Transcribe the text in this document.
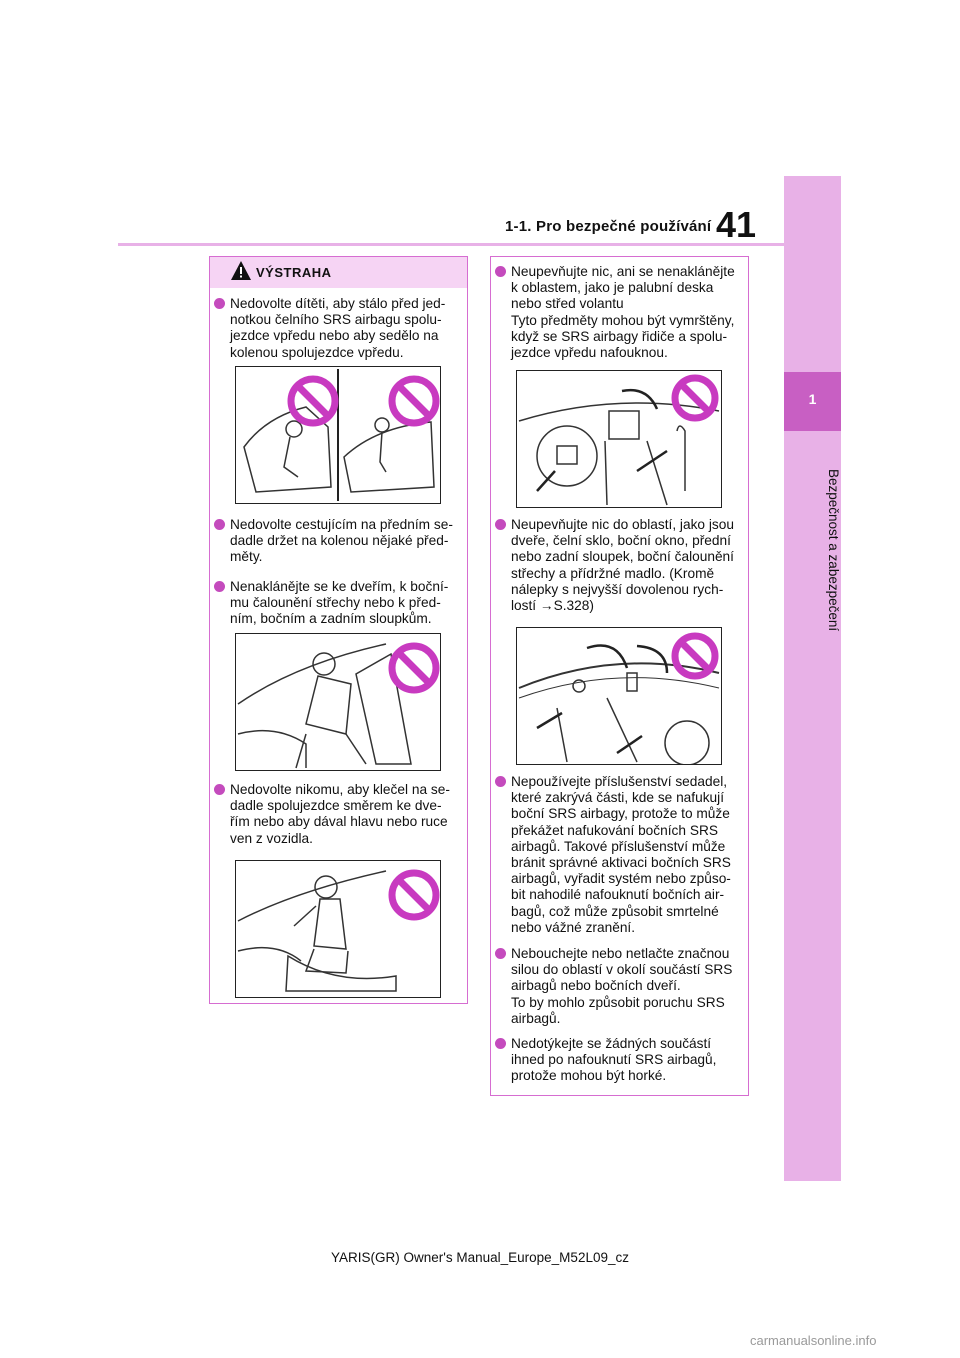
1-1. Pro bezpečné používání 41
1
Bezpečnost a zabezpečení
VÝSTRAHA
Nedovolte dítěti, aby stálo před jed-
notkou čelního SRS airbagu spolu-
jezdce vpředu nebo aby sedělo na
kolenou spolujezdce vpředu.
Nedovolte cestujícím na předním se-
dadle držet na kolenou nějaké před-
měty.
Nenaklánějte se ke dveřím, k boční-
mu čalounění střechy nebo k před-
ním, bočním a zadním sloupkům.
Nedovolte nikomu, aby klečel na se-
dadle spolujezdce směrem ke dve-
řím nebo aby dával hlavu nebo ruce
ven z vozidla.
Neupevňujte nic, ani se nenaklánějte
k oblastem, jako je palubní deska
nebo střed volantu
Tyto předměty mohou být vymrštěny,
když se SRS airbagy řidiče a spolu-
jezdce vpředu nafouknou.
Neupevňujte nic do oblastí, jako jsou
dveře, čelní sklo, boční okno, přední
nebo zadní sloupek, boční čalounění
střechy a přídržné madlo. (Kromě
nálepky s nejvyšší dovolenou rych-
lostí →S.328)
Nepoužívejte příslušenství sedadel,
které zakrývá části, kde se nafukují
boční SRS airbagy, protože to může
překážet nafukování bočních SRS
airbagů. Takové příslušenství může
bránit správné aktivaci bočních SRS
airbagů, vyřadit systém nebo způso-
bit nahodilé nafouknutí bočních air-
bagů, což může způsobit smrtelné
nebo vážné zranění.
Nebouchejte nebo netlačte značnou
silou do oblastí v okolí součástí SRS
airbagů nebo bočních dveří.
To by mohlo způsobit poruchu SRS
airbagů.
Nedotýkejte se žádných součástí
ihned po nafouknutí SRS airbagů,
protože mohou být horké.
YARIS(GR) Owner's Manual_Europe_M52L09_cz
carmanualsonline.info
